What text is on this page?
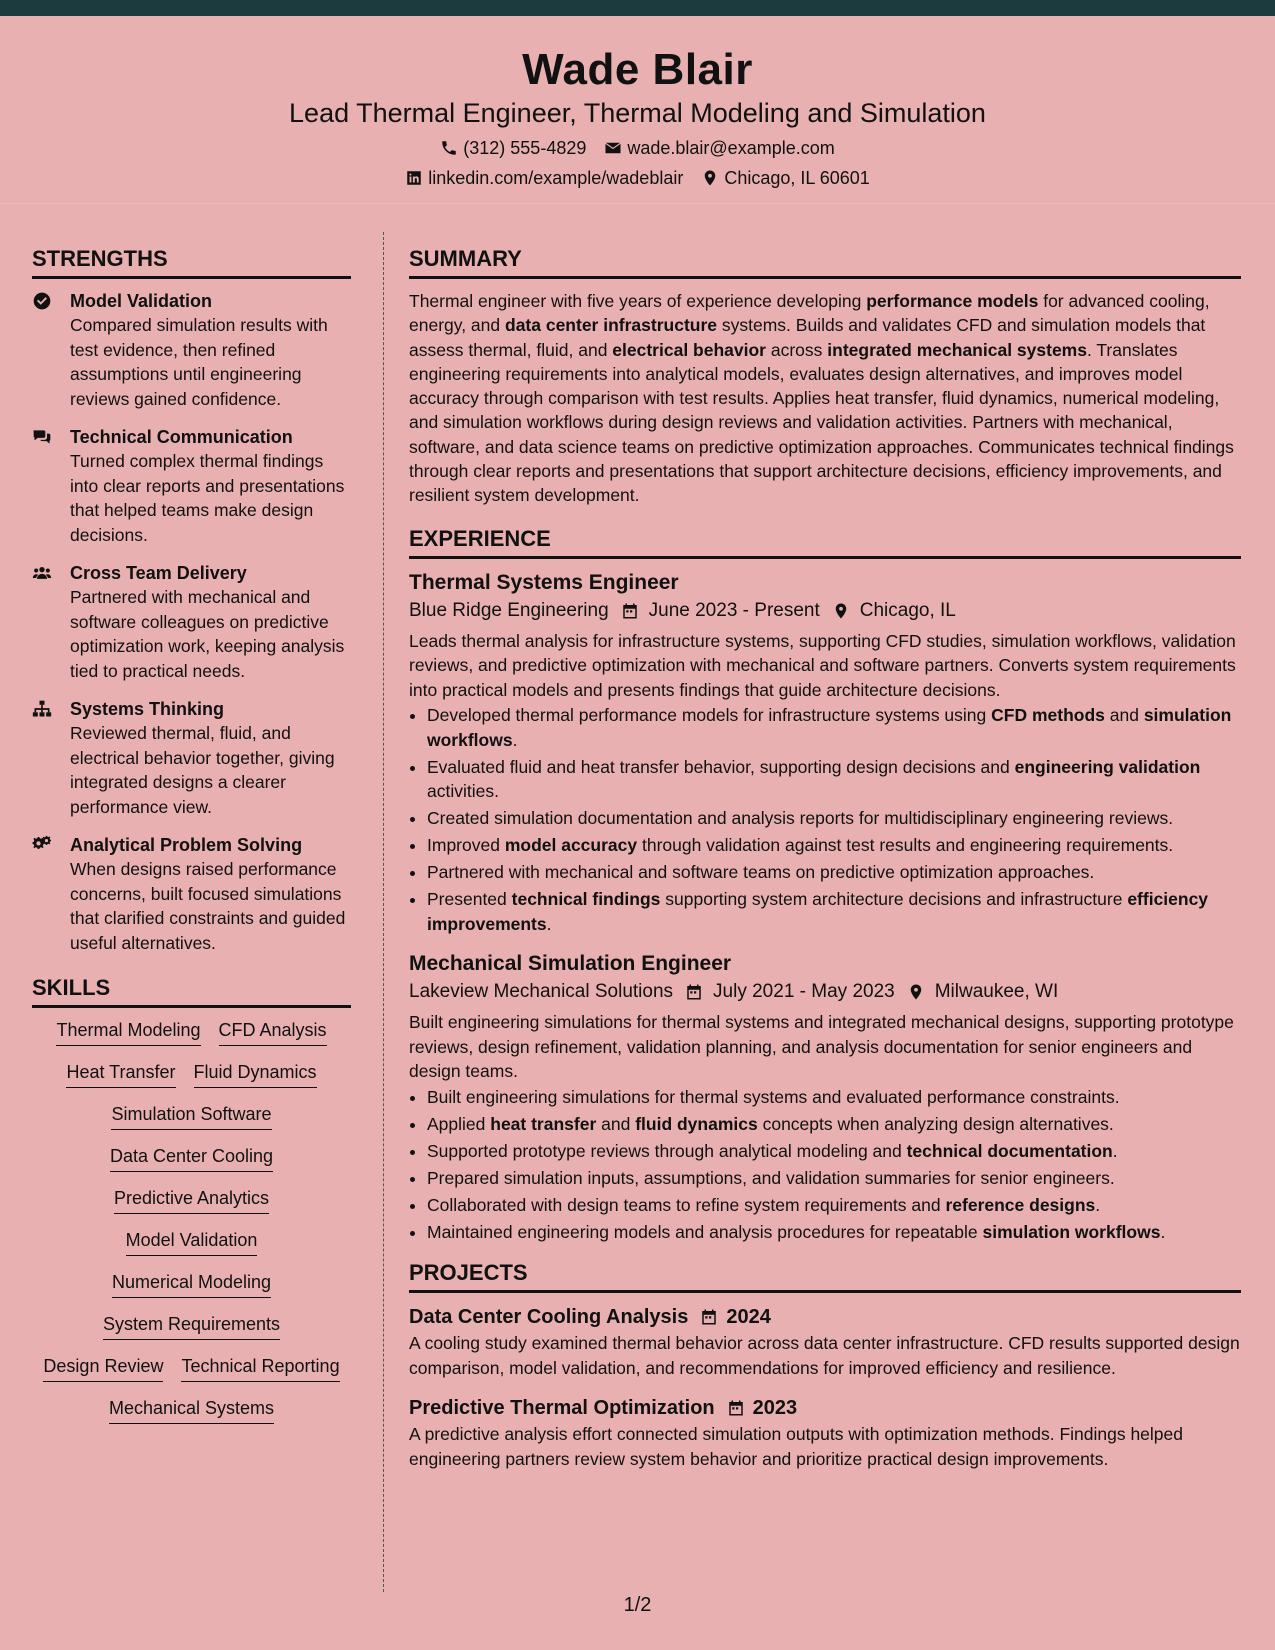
Wade Blair
Lead Thermal Engineer, Thermal Modeling and Simulation
(312) 555-4829 wade.blair@example.com
linkedin.com/example/wadeblair Chicago, IL 60601
STRENGTHS
Model Validation
Compared simulation results with test evidence, then refined assumptions until engineering reviews gained confidence.
Technical Communication
Turned complex thermal findings into clear reports and presentations that helped teams make design decisions.
Cross Team Delivery
Partnered with mechanical and software colleagues on predictive optimization work, keeping analysis tied to practical needs.
Systems Thinking
Reviewed thermal, fluid, and electrical behavior together, giving integrated designs a clearer performance view.
Analytical Problem Solving
When designs raised performance concerns, built focused simulations that clarified constraints and guided useful alternatives.
SKILLS
Thermal Modeling CFD Analysis
Heat Transfer Fluid Dynamics
Simulation Software
Data Center Cooling
Predictive Analytics
Model Validation
Numerical Modeling
System Requirements
Design Review Technical Reporting
Mechanical Systems
SUMMARY
Thermal engineer with five years of experience developing performance models for advanced cooling, energy, and data center infrastructure systems. Builds and validates CFD and simulation models that assess thermal, fluid, and electrical behavior across integrated mechanical systems. Translates engineering requirements into analytical models, evaluates design alternatives, and improves model accuracy through comparison with test results. Applies heat transfer, fluid dynamics, numerical modeling, and simulation workflows during design reviews and validation activities. Partners with mechanical, software, and data science teams on predictive optimization approaches. Communicates technical findings through clear reports and presentations that support architecture decisions, efficiency improvements, and resilient system development.
EXPERIENCE
Thermal Systems Engineer
Blue Ridge Engineering June 2023 - Present Chicago, IL
Leads thermal analysis for infrastructure systems, supporting CFD studies, simulation workflows, validation reviews, and predictive optimization with mechanical and software partners. Converts system requirements into practical models and presents findings that guide architecture decisions.
• Developed thermal performance models for infrastructure systems using CFD methods and simulation workflows.
• Evaluated fluid and heat transfer behavior, supporting design decisions and engineering validation activities.
• Created simulation documentation and analysis reports for multidisciplinary engineering reviews.
• Improved model accuracy through validation against test results and engineering requirements.
• Partnered with mechanical and software teams on predictive optimization approaches.
• Presented technical findings supporting system architecture decisions and infrastructure efficiency improvements.
Mechanical Simulation Engineer
Lakeview Mechanical Solutions July 2021 - May 2023 Milwaukee, WI
Built engineering simulations for thermal systems and integrated mechanical designs, supporting prototype reviews, design refinement, validation planning, and analysis documentation for senior engineers and design teams.
• Built engineering simulations for thermal systems and evaluated performance constraints.
• Applied heat transfer and fluid dynamics concepts when analyzing design alternatives.
• Supported prototype reviews through analytical modeling and technical documentation.
• Prepared simulation inputs, assumptions, and validation summaries for senior engineers.
• Collaborated with design teams to refine system requirements and reference designs.
• Maintained engineering models and analysis procedures for repeatable simulation workflows.
PROJECTS
Data Center Cooling Analysis 2024
A cooling study examined thermal behavior across data center infrastructure. CFD results supported design comparison, model validation, and recommendations for improved efficiency and resilience.
Predictive Thermal Optimization 2023
A predictive analysis effort connected simulation outputs with optimization methods. Findings helped engineering partners review system behavior and prioritize practical design improvements.
1/2
